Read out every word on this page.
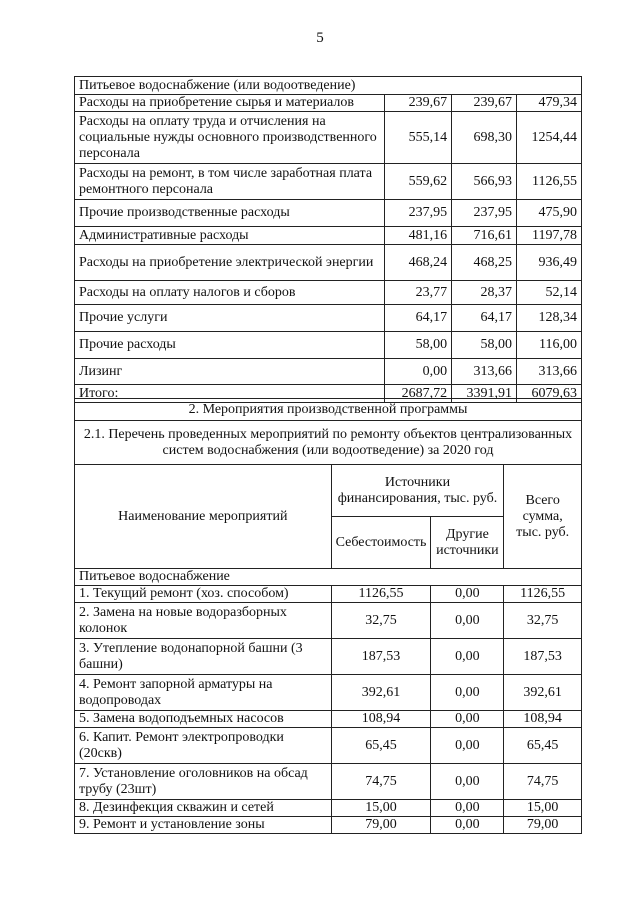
5
Питьевое водоснабжение (или водоотведение)			
Расходы на приобретение сырья и материалов	239,67	239,67	479,34
Расходы на оплату труда и отчисления на социальные нужды основного производственного персонала	555,14	698,30	1254,44
Расходы на ремонт, в том числе заработная плата ремонтного персонала	559,62	566,93	1126,55
Прочие производственные расходы	237,95	237,95	475,90
Административные расходы	481,16	716,61	1197,78
Расходы на приобретение электрической энергии	468,24	468,25	936,49
Расходы на оплату налогов и сборов	23,77	28,37	52,14
Прочие услуги	64,17	64,17	128,34
Прочие расходы	58,00	58,00	116,00
Лизинг	0,00	313,66	313,66
Итого:	2687,72	3391,91	6079,63
2. Мероприятия производственной программы
2.1. Перечень проведенных мероприятий по ремонту объектов централизованных систем водоснабжения (или водоотведение) за 2020 год
Наименование мероприятий	Источники финансирования, тыс. руб.		Всего сумма, тыс. руб.
	Себестоимость	Другие источники	
Питьевое водоснабжение			
1. Текущий ремонт (хоз. способом)	1126,55	0,00	1126,55
2. Замена на новые водоразборных колонок	32,75	0,00	32,75
3. Утепление водонапорной башни (3 башни)	187,53	0,00	187,53
4. Ремонт запорной арматуры на водопроводах	392,61	0,00	392,61
5. Замена водоподъемных насосов	108,94	0,00	108,94
6. Капит. Ремонт электропроводки (20скв)	65,45	0,00	65,45
7. Установление оголовников на обсад трубу (23шт)	74,75	0,00	74,75
8. Дезинфекция скважин и сетей	15,00	0,00	15,00
9. Ремонт и установление зоны	79,00	0,00	79,00
